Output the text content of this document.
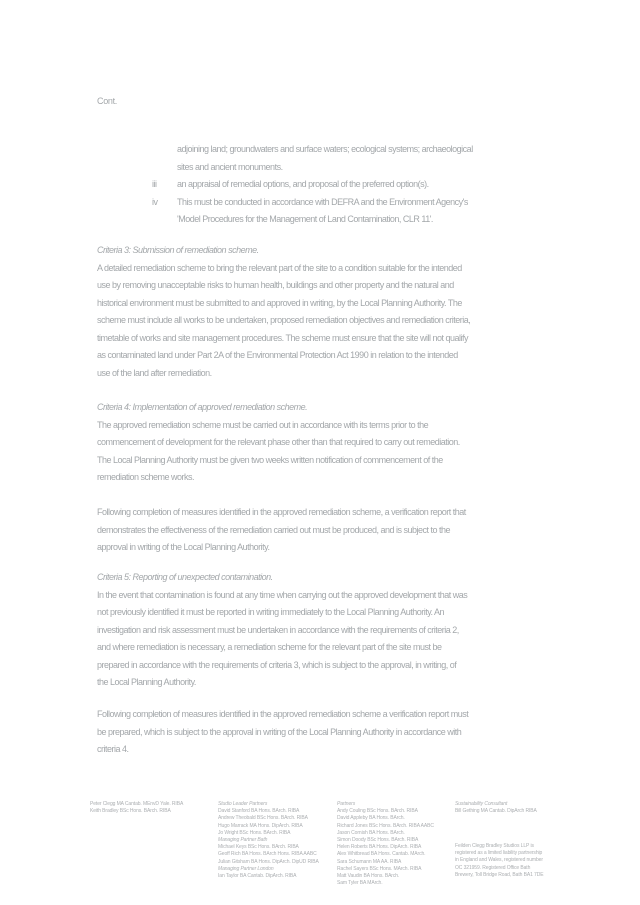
Cont.
adjoining land; groundwaters and surface waters; ecological systems; archaeological
sites and ancient monuments.
iii an appraisal of remedial options, and proposal of the preferred option(s).
iv This must be conducted in accordance with DEFRA and the Environment Agency's
'Model Procedures for the Management of Land Contamination, CLR 11'.
Criteria 3: Submission of remediation scheme.
A detailed remediation scheme to bring the relevant part of the site to a condition suitable for the intended
use by removing unacceptable risks to human health, buildings and other property and the natural and
historical environment must be submitted to and approved in writing, by the Local Planning Authority. The
scheme must include all works to be undertaken, proposed remediation objectives and remediation criteria,
timetable of works and site management procedures. The scheme must ensure that the site will not qualify
as contaminated land under Part 2A of the Environmental Protection Act 1990 in relation to the intended
use of the land after remediation.
Criteria 4: Implementation of approved remediation scheme.
The approved remediation scheme must be carried out in accordance with its terms prior to the
commencement of development for the relevant phase other than that required to carry out remediation.
The Local Planning Authority must be given two weeks written notification of commencement of the
remediation scheme works.
Following completion of measures identified in the approved remediation scheme, a verification report that
demonstrates the effectiveness of the remediation carried out must be produced, and is subject to the
approval in writing of the Local Planning Authority.
Criteria 5: Reporting of unexpected contamination.
In the event that contamination is found at any time when carrying out the approved development that was
not previously identified it must be reported in writing immediately to the Local Planning Authority. An
investigation and risk assessment must be undertaken in accordance with the requirements of criteria 2,
and where remediation is necessary, a remediation scheme for the relevant part of the site must be
prepared in accordance with the requirements of criteria 3, which is subject to the approval, in writing, of
the Local Planning Authority.
Following completion of measures identified in the approved remediation scheme a verification report must
be prepared, which is subject to the approval in writing of the Local Planning Authority in accordance with
criteria 4.
Peter Clegg MA Cantab. MEnvD Yale. RIBA
Keith Bradley BSc Hons. BArch. RIBA
Studio Leader Partners
David Stanford BA Hons. BArch. RIBA
Andrew Theobald BSc Hons. BArch. RIBA
Hugo Marrack MA Hons. DipArch. RIBA
Jo Wright BSc Hons. BArch. RIBA
Managing Partner Bath
Michael Keys BSc Hons. BArch. RIBA
Geoff Rich BA Hons. BArch Hons. RIBA AABC
Julian Gitsham BA Hons. DipArch. DipUD RIBA
Managing Partner London
Ian Taylor BA Cantab. DipArch. RIBA
Partners
Andy Couling BSc Hons. BArch. RIBA
David Appleby BA Hons. BArch.
Richard Jones BSc Hons. BArch. RIBA AABC
Jason Cornish BA Hons. BArch.
Simon Doody BSc Hons. BArch. RIBA
Helen Roberts BA Hons. DipArch. RIBA
Alex Whitbread BA Hons. Cantab. MArch.
Sara Schumann MA AA. RIBA
Rachel Sayers BSc Hons. MArch. RIBA
Matt Vaudin BA Hons. BArch.
Sam Tyler BA MArch.
Sustainability Consultant
Bill Gething MA Cantab. DipArch RIBA
Feilden Clegg Bradley Studios LLP is
registered as a limited liability partnership
in England and Wales, registered number
OC 321959. Registered Office Bath
Brewery, Toll Bridge Road, Bath BA1 7DE
